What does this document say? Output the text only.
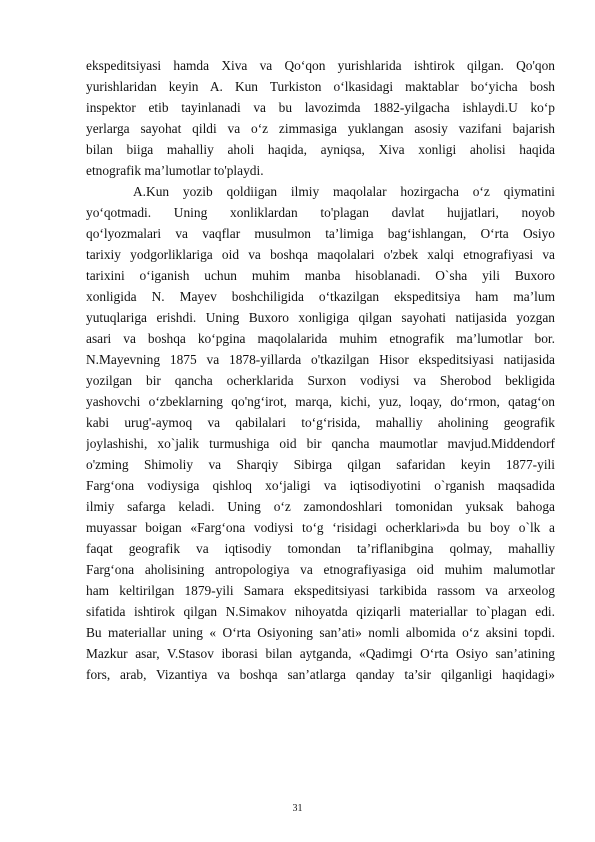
ekspeditsiyasi hamda Xiva va Qo‘qon yurishlarida ishtirok qilgan. Qo'qon
yurishlaridan keyin A. Kun Turkiston o‘lkasidagi maktablar bo‘yicha bosh
inspektor etib tayinlanadi va bu lavozimda 1882-yilgacha ishlaydi.U ko‘p
yerlarga sayohat qildi va o‘z zimmasiga yuklangan asosiy vazifani bajarish
bilan biiga mahalliy aholi haqida, ayniqsa, Xiva xonligi aholisi haqida
etnografik ma’lumotlar to'playdi.
A.Kun yozib qoldiigan ilmiy maqolalar hozirgacha o‘z qiymatini
yo‘qotmadi. Uning xonliklardan to'plagan davlat hujjatlari, noyob
qo‘lyozmalari va vaqflar musulmon ta’limiga bag‘ishlangan, O‘rta Osiyo
tarixiy yodgorliklariga oid va boshqa maqolalari o'zbek xalqi etnografiyasi va
tarixini o‘iganish uchun muhim manba hisoblanadi. O`sha yili Buxoro
xonligida N. Mayev boshchiligida o‘tkazilgan ekspeditsiya ham ma’lum
yutuqlariga erishdi. Uning Buxoro xonligiga qilgan sayohati natijasida yozgan
asari va boshqa ko‘pgina maqolalarida muhim etnografik ma’lumotlar bor.
N.Mayevning 1875 va 1878-yillarda o'tkazilgan Hisor ekspeditsiyasi natijasida
yozilgan bir qancha ocherklarida Surxon vodiysi va Sherobod bekligida
yashovchi o‘zbeklarning qo'ng‘irot, marqa, kichi, yuz, loqay, do‘rmon, qatag‘on
kabi urug'-aymoq va qabilalari to‘g‘risida, mahalliy aholining geografik
joylashishi, xo`jalik turmushiga oid bir qancha maumotlar mavjud.Middendorf
o'zming Shimoliy va Sharqiy Sibirga qilgan safaridan keyin 1877-yili
Farg‘ona vodiysiga qishloq xo‘jaligi va iqtisodiyotini o`rganish maqsadida
ilmiy safarga keladi. Uning o‘z zamondoshlari tomonidan yuksak bahoga
muyassar boigan «Farg‘ona vodiysi to‘g ‘risidagi ocherklari»da bu boy o`lk a
faqat geografik va iqtisodiy tomondan ta’riflanibgina qolmay, mahalliy
Farg‘ona aholisining antropologiya va etnografiyasiga oid muhim malumotlar
ham keltirilgan 1879-yili Samara ekspeditsiyasi tarkibida rassom va arxeolog
sifatida ishtirok qilgan N.Simakov nihoyatda qiziqarli materiallar to`plagan edi.
Bu materiallar uning « O‘rta Osiyoning san’ati» nomli albomida o‘z aksini topdi.
Mazkur asar, V.Stasov iborasi bilan aytganda, «Qadimgi O‘rta Osiyo san’atining
fors, arab, Vizantiya va boshqa san’atlarga qanday ta’sir qilganligi haqidagi»
31
